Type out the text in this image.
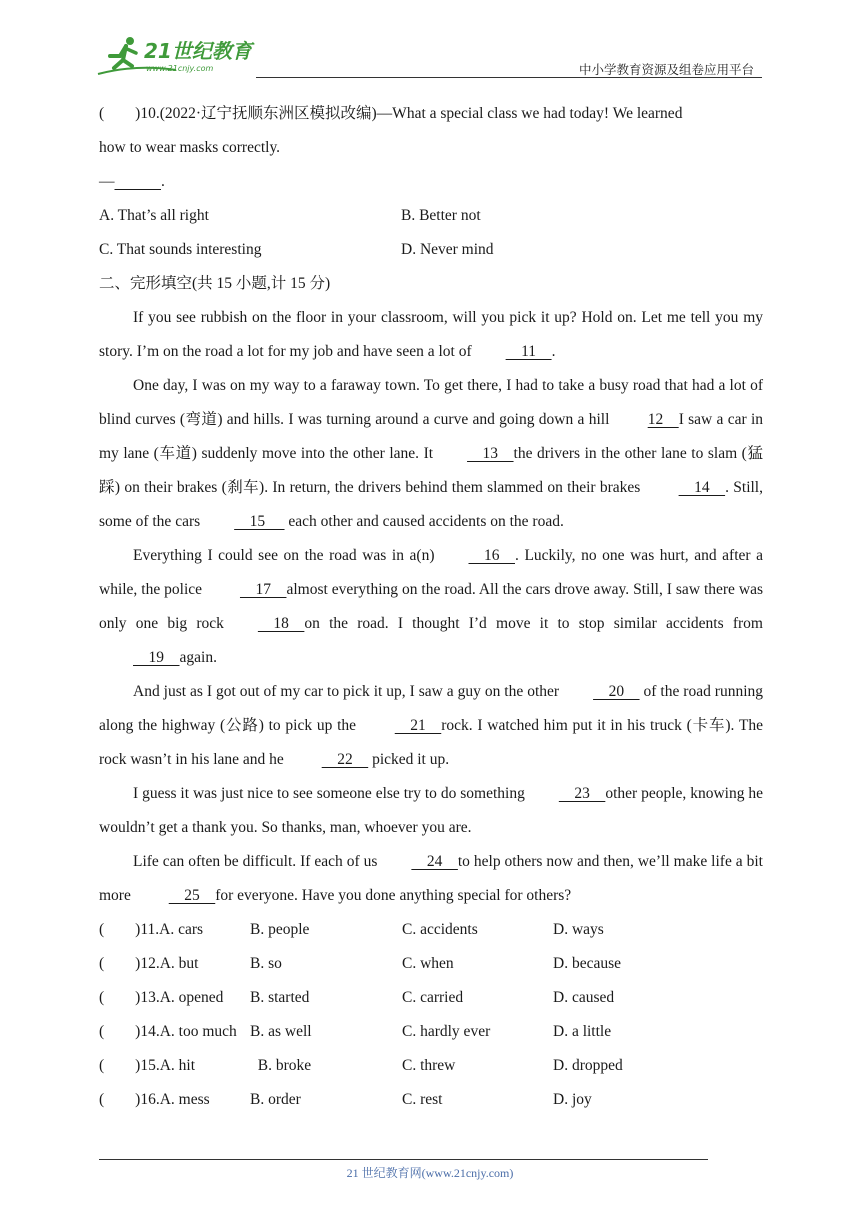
21世纪教育
www.21cnjy.com	中小学教育资源及组卷应用平台

(  )10.(2022·辽宁抚顺东洲区模拟改编)—What a special class we had today! We learned
how to wear masks correctly.

—	.

A. That’s all right	B. Better not
C. That sounds interesting	D. Never mind

二、完形填空(共 15 小题,计 15 分)

If you see rubbish on the floor in your classroom, will you pick it up? Hold on. Let me tell you my story. I’m on the road a lot for my job and have seen a lot of    11    .

One day, I was on my way to a faraway town. To get there, I had to take a busy road that had a lot of blind curves (弯道) and hills. I was turning around a curve and going down a hill 12    I saw a car in my lane (车道) suddenly move into the other lane. It    13    the drivers in the other lane to slam (猛踩) on their brakes (刹车). In return, the drivers behind them slammed on their brakes     14    . Still, some of the cars    15      each other and caused accidents on the road.

Everything I could see on the road was in a(n)    16    . Luckily, no one was hurt, and after a while, the police     17    almost everything on the road. All the cars drove away. Still, I saw there was only one big rock    18    on the road. I thought I’d move it to stop similar accidents from    19    again.

And just as I got out of my car to pick it up, I saw a guy on the other    20     of the road running along the highway (公路) to pick up the     21    rock. I watched him put it in his truck (卡车). The rock wasn’t in his lane and he     22     picked it up.

I guess it was just nice to see someone else try to do something    23    other people, knowing he wouldn’t get a thank you. So thanks, man, whoever you are.

Life can often be difficult. If each of us    24    to help others now and then, we’ll make life a bit more     25    for everyone. Have you done anything special for others?

(  )11.A. cars	B. people	C. accidents	D. ways
(  )12.A. but	B. so	C. when	D. because
(  )13.A. opened	B. started	C. carried	D. caused
(  )14.A. too much B. as well	C. hardly ever	D. a little
(  )15.A. hit	B. broke	C. threw	D. dropped
(  )16.A. mess	B. order	C. rest	D. joy
21 世纪教育网(www.21cnjy.com)
